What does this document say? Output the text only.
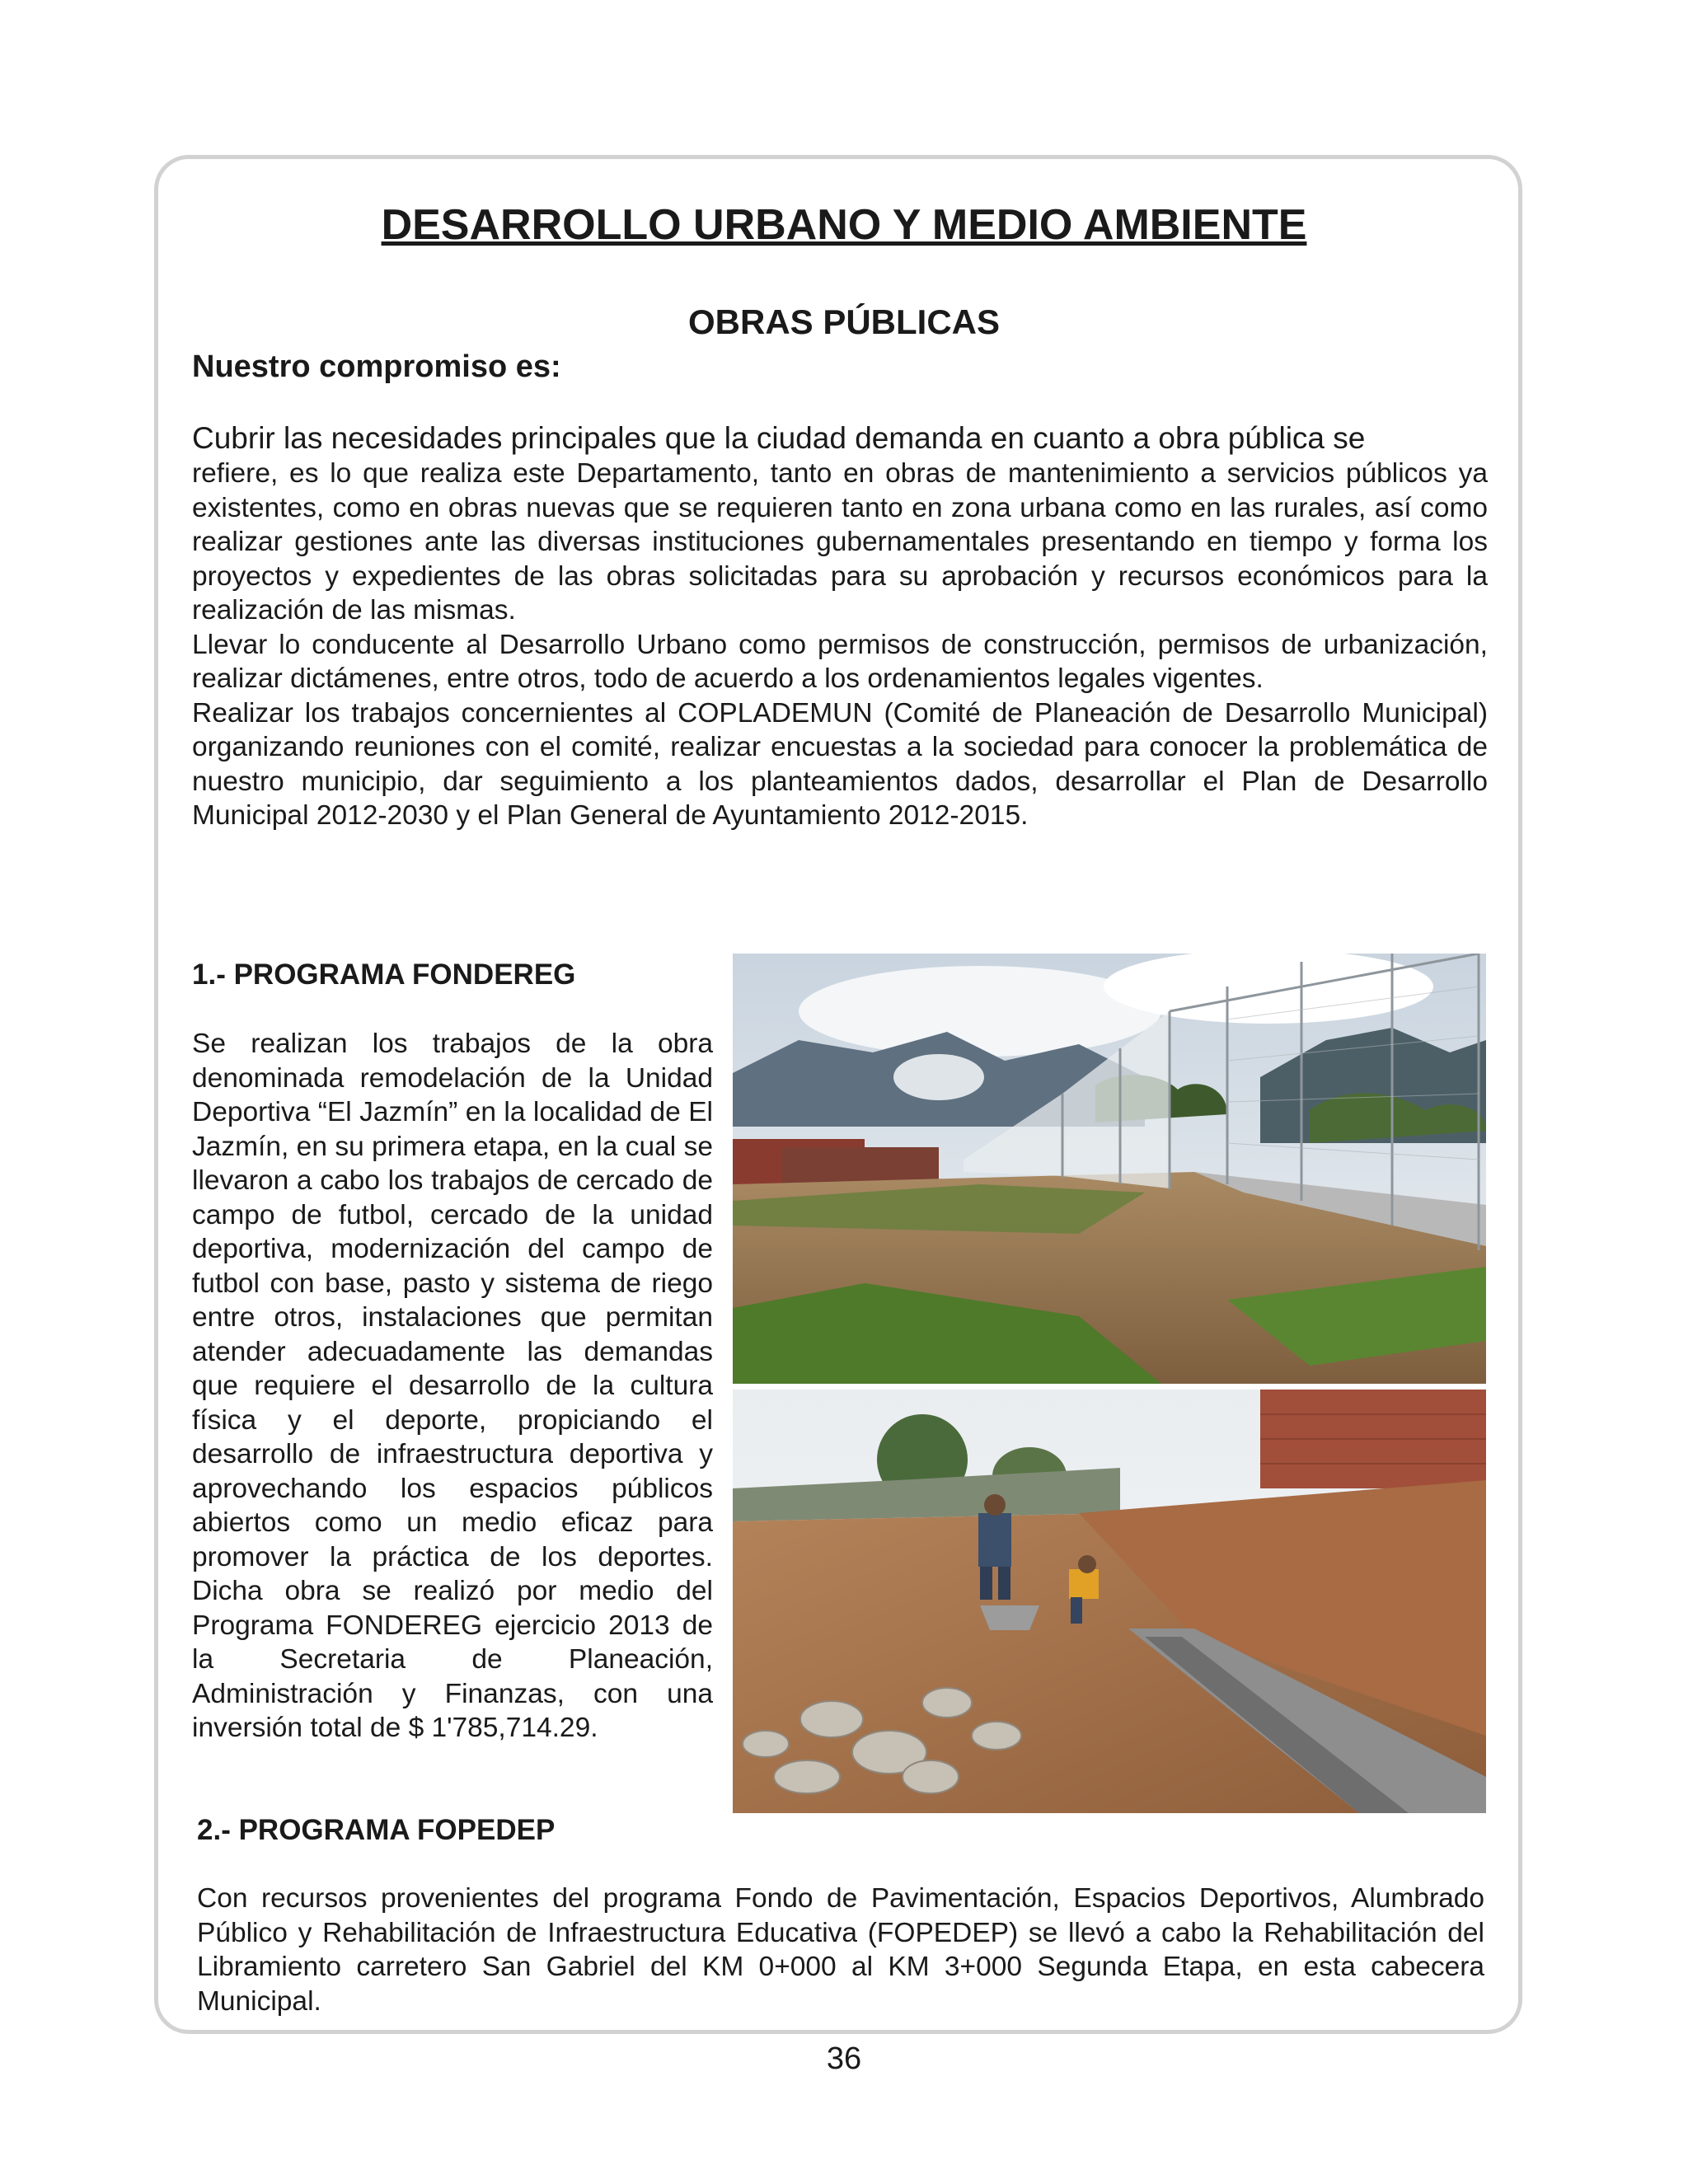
DESARROLLO URBANO Y MEDIO AMBIENTE
OBRAS PÚBLICAS

Nuestro compromiso es:

Cubrir las necesidades principales que la ciudad demanda en cuanto a obra pública se

refiere, es lo que realiza este Departamento, tanto en obras de mantenimiento a servicios públicos ya existentes, como en obras nuevas que se requieren tanto en zona urbana como en las rurales, así como realizar gestiones ante las diversas instituciones gubernamentales presentando en tiempo y forma los proyectos y expedientes de las obras solicitadas para su aprobación y recursos económicos para la realización de las mismas.

Llevar lo conducente al Desarrollo Urbano como permisos de construcción, permisos de urbanización, realizar dictámenes, entre otros, todo de acuerdo a los ordenamientos legales vigentes.

Realizar los trabajos concernientes al COPLADEMUN (Comité de Planeación de Desarrollo Municipal) organizando reuniones con el comité, realizar encuestas a la sociedad para conocer la problemática de nuestro municipio, dar seguimiento a los planteamientos dados, desarrollar el Plan de Desarrollo Municipal 2012-2030 y el Plan General de Ayuntamiento 2012-2015.

1.- PROGRAMA FONDEREG

Se realizan los trabajos de la obra denominada remodelación de la Unidad Deportiva “El Jazmín” en la localidad de El Jazmín, en su primera etapa, en la cual se llevaron a cabo los trabajos de cercado de campo de futbol, cercado de la unidad deportiva, modernización del campo de futbol con base, pasto y sistema de riego entre otros, instalaciones que permitan atender adecuadamente las demandas que requiere el desarrollo de la cultura física y el deporte, propiciando el desarrollo de infraestructura deportiva y aprovechando los espacios públicos abiertos como un medio eficaz para promover la práctica de los deportes. Dicha obra se realizó por medio del Programa FONDEREG ejercicio 2013 de la Secretaria de Planeación, Administración y Finanzas, con una inversión total de $ 1'785,714.29.

2.- PROGRAMA FOPEDEP

Con recursos provenientes del programa Fondo de Pavimentación, Espacios Deportivos, Alumbrado Público y Rehabilitación de Infraestructura Educativa (FOPEDEP) se llevó a cabo la Rehabilitación del Libramiento carretero San Gabriel del KM 0+000 al KM 3+000 Segunda Etapa, en esta cabecera Municipal.

36
